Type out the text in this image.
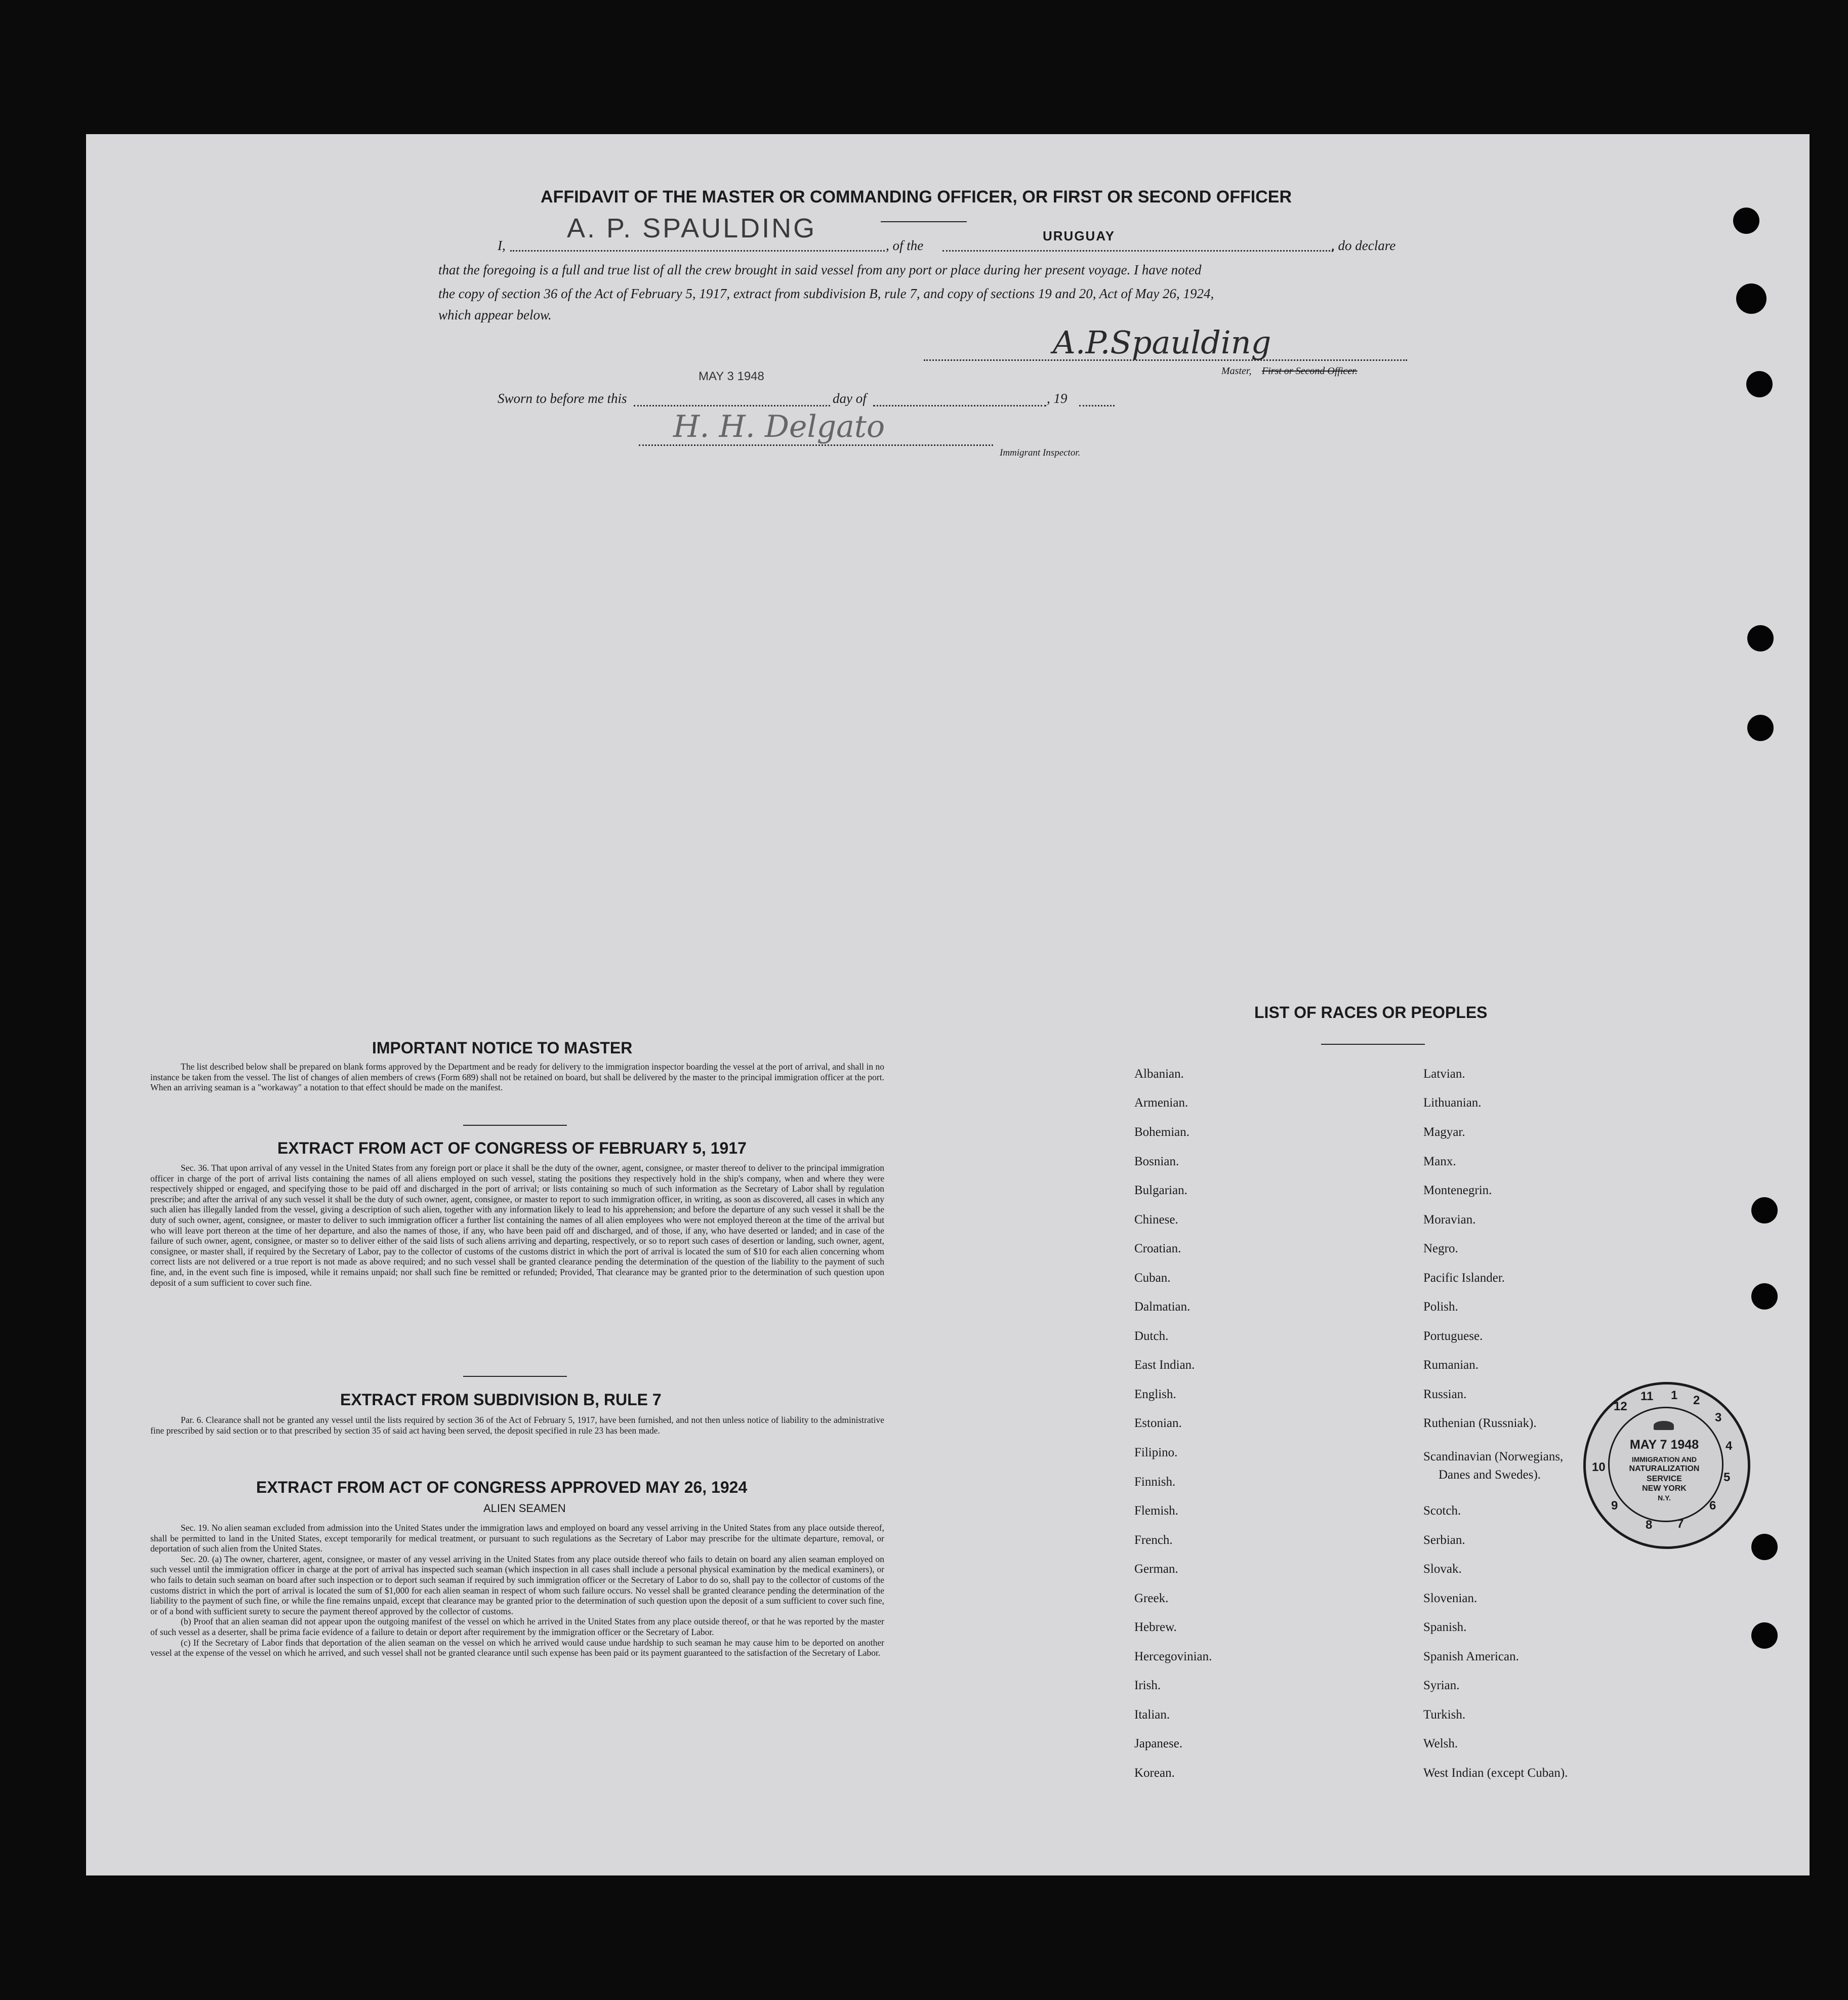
AFFIDAVIT OF THE MASTER OR COMMANDING OFFICER, OR FIRST OR SECOND OFFICER
I,
A. P. SPAULDING
, of the
URUGUAY
, do declare
that the foregoing is a full and true list of all the crew brought in said vessel from any port or place during her present voyage. I have noted
the copy of section 36 of the Act of February 5, 1917, extract from subdivision B, rule 7, and copy of sections 19 and 20, Act of May 26, 1924,
which appear below.
A.P.Spaulding
Master, First or Second Officer.
MAY 3 1948
Sworn to before me this	day of	, 19
H. H. Delgato
Immigrant Inspector.
IMPORTANT NOTICE TO MASTER

The list described below shall be prepared on blank forms approved by the Department and be ready for delivery to the immigration inspector boarding the vessel at the port of arrival, and shall in no instance be taken from the vessel. The list of changes of alien members of crews (Form 689) shall not be retained on board, but shall be delivered by the master to the principal immigration officer at the port. When an arriving seaman is a "workaway" a notation to that effect should be made on the manifest.

EXTRACT FROM ACT OF CONGRESS OF FEBRUARY 5, 1917

Sec. 36. That upon arrival of any vessel in the United States from any foreign port or place it shall be the duty of the owner, agent, consignee, or master thereof to deliver to the principal immigration officer in charge of the port of arrival lists containing the names of all aliens employed on such vessel, stating the positions they respectively hold in the ship's company, when and where they were respectively shipped or engaged, and specifying those to be paid off and discharged in the port of arrival; or lists containing so much of such information as the Secretary of Labor shall by regulation prescribe; and after the arrival of any such vessel it shall be the duty of such owner, agent, consignee, or master to report to such immigration officer, in writing, as soon as discovered, all cases in which any such alien has illegally landed from the vessel, giving a description of such alien, together with any information likely to lead to his apprehension; and before the departure of any such vessel it shall be the duty of such owner, agent, consignee, or master to deliver to such immigration officer a further list containing the names of all alien employees who were not employed thereon at the time of the arrival but who will leave port thereon at the time of her departure, and also the names of those, if any, who have been paid off and discharged, and of those, if any, who have deserted or landed; and in case of the failure of such owner, agent, consignee, or master so to deliver either of the said lists of such aliens arriving and departing, respectively, or so to report such cases of desertion or landing, such owner, agent, consignee, or master shall, if required by the Secretary of Labor, pay to the collector of customs of the customs district in which the port of arrival is located the sum of $10 for each alien concerning whom correct lists are not delivered or a true report is not made as above required; and no such vessel shall be granted clearance pending the determination of the question of the liability to the payment of such fine, and, in the event such fine is imposed, while it remains unpaid; nor shall such fine be remitted or refunded; Provided, That clearance may be granted prior to the determination of such question upon deposit of a sum sufficient to cover such fine.

EXTRACT FROM SUBDIVISION B, RULE 7

Par. 6. Clearance shall not be granted any vessel until the lists required by section 36 of the Act of February 5, 1917, have been furnished, and not then unless notice of liability to the administrative fine prescribed by said section or to that prescribed by section 35 of said act having been served, the deposit specified in rule 23 has been made.

EXTRACT FROM ACT OF CONGRESS APPROVED MAY 26, 1924
ALIEN SEAMEN

Sec. 19. No alien seaman excluded from admission into the United States under the immigration laws and employed on board any vessel arriving in the United States from any place outside thereof, shall be permitted to land in the United States, except temporarily for medical treatment, or pursuant to such regulations as the Secretary of Labor may prescribe for the ultimate departure, removal, or deportation of such alien from the United States.

Sec. 20. (a) The owner, charterer, agent, consignee, or master of any vessel arriving in the United States from any place outside thereof who fails to detain on board any alien seaman employed on such vessel until the immigration officer in charge at the port of arrival has inspected such seaman (which inspection in all cases shall include a personal physical examination by the medical examiners), or who fails to detain such seaman on board after such inspection or to deport such seaman if required by such immigration officer or the Secretary of Labor to do so, shall pay to the collector of customs of the customs district in which the port of arrival is located the sum of $1,000 for each alien seaman in respect of whom such failure occurs. No vessel shall be granted clearance pending the determination of the liability to the payment of such fine, or while the fine remains unpaid, except that clearance may be granted prior to the determination of such question upon the deposit of a sum sufficient to cover such fine, or of a bond with sufficient surety to secure the payment thereof approved by the collector of customs.

(b) Proof that an alien seaman did not appear upon the outgoing manifest of the vessel on which he arrived in the United States from any place outside thereof, or that he was reported by the master of such vessel as a deserter, shall be prima facie evidence of a failure to detain or deport after requirement by the immigration officer or the Secretary of Labor.

(c) If the Secretary of Labor finds that deportation of the alien seaman on the vessel on which he arrived would cause undue hardship to such seaman he may cause him to be deported on another vessel at the expense of the vessel on which he arrived, and such vessel shall not be granted clearance until such expense has been paid or its payment guaranteed to the satisfaction of the Secretary of Labor.

LIST OF RACES OR PEOPLES
Albanian.
Armenian.
Bohemian.
Bosnian.
Bulgarian.
Chinese.
Croatian.
Cuban.
Dalmatian.
Dutch.
East Indian.
English.
Estonian.
Filipino.
Finnish.
Flemish.
French.
German.
Greek.
Hebrew.
Hercegovinian.
Irish.
Italian.
Japanese.
Korean.
Latvian.
Lithuanian.
Magyar.
Manx.
Montenegrin.
Moravian.
Negro.
Pacific Islander.
Polish.
Portuguese.
Rumanian.
Russian.
Ruthenian (Russniak).
Scandinavian (Norwegians,
Danes and Swedes).
Scotch.
Serbian.
Slovak.
Slovenian.
Spanish.
Spanish American.
Syrian.
Turkish.
Welsh.
West Indian (except Cuban).
11
12
1 2
3
4
5
6
7
8
9
10
MAY 7 1948
IMMIGRATION AND
NATURALIZATION
SERVICE
NEW YORK
N.Y.
